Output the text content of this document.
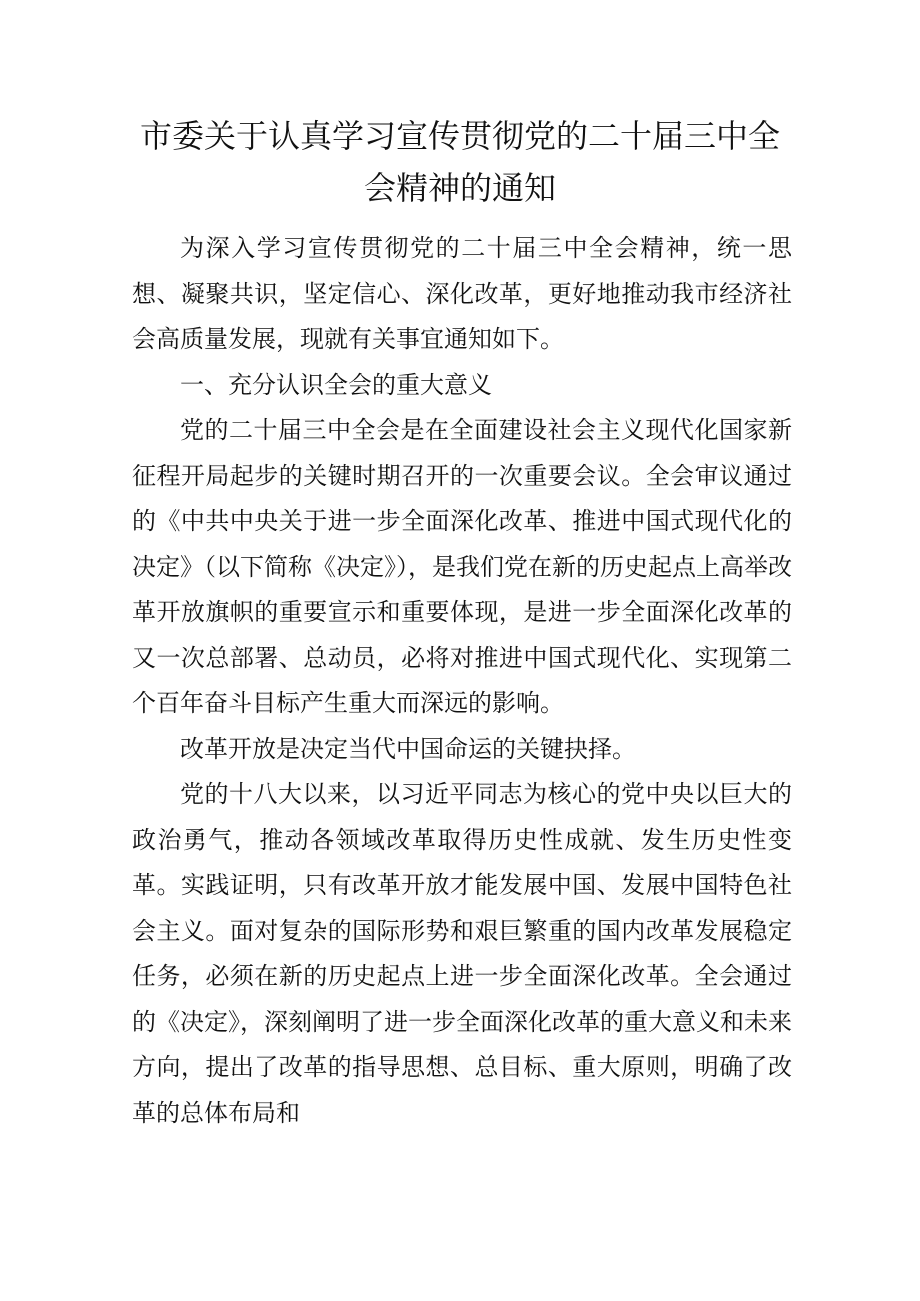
市委关于认真学习宣传贯彻党的二十届三中全会精神的通知

为深入学习宣传贯彻党的二十届三中全会精神，统一思想、凝聚共识，坚定信心、深化改革，更好地推动我市经济社会高质量发展，现就有关事宜通知如下。

一、充分认识全会的重大意义

党的二十届三中全会是在全面建设社会主义现代化国家新征程开局起步的关键时期召开的一次重要会议。全会审议通过的《中共中央关于进一步全面深化改革、推进中国式现代化的决定》（以下简称《决定》），是我们党在新的历史起点上高举改革开放旗帜的重要宣示和重要体现，是进一步全面深化改革的又一次总部署、总动员，必将对推进中国式现代化、实现第二个百年奋斗目标产生重大而深远的影响。

改革开放是决定当代中国命运的关键抉择。

党的十八大以来，以习近平同志为核心的党中央以巨大的政治勇气，推动各领域改革取得历史性成就、发生历史性变革。实践证明，只有改革开放才能发展中国、发展中国特色社会主义。面对复杂的国际形势和艰巨繁重的国内改革发展稳定任务，必须在新的历史起点上进一步全面深化改革。全会通过的《决定》，深刻阐明了进一步全面深化改革的重大意义和未来方向，提出了改革的指导思想、总目标、重大原则，明确了改革的总体布局和
